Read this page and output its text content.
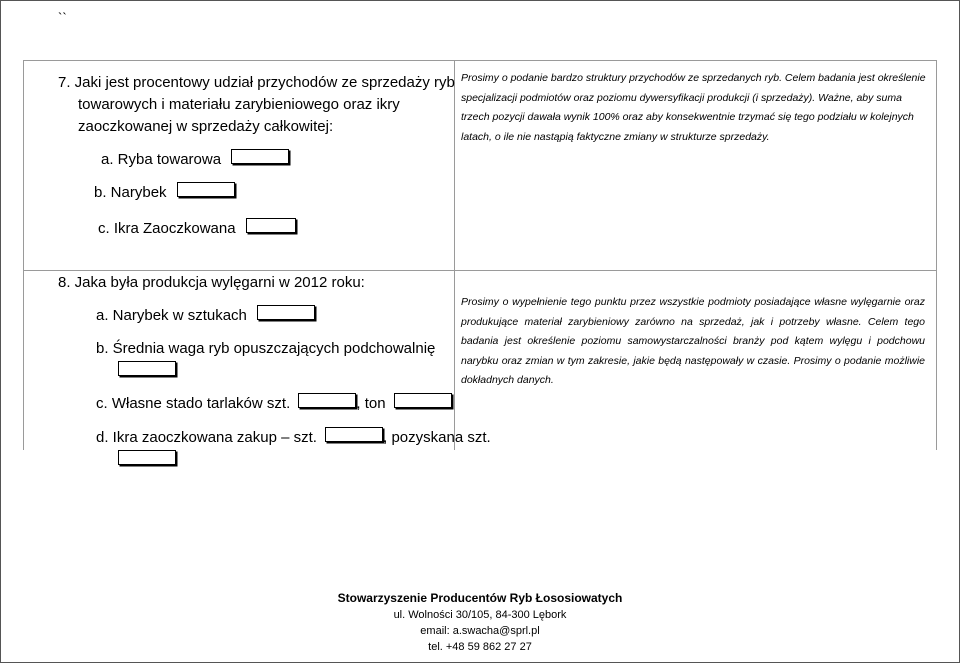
``
7. Jaki jest procentowy udział przychodów ze sprzedaży ryb
towarowych i materiału zarybieniowego oraz ikry
zaoczkowanej w sprzedaży całkowitej:
a. Ryba towarowa
b. Narybek
c. Ikra Zaoczkowana
Prosimy o podanie bardzo struktury przychodów ze sprzedanych ryb. Celem badania jest określenie specjalizacji podmiotów oraz poziomu dywersyfikacji produkcji (i sprzedaży). Ważne, aby suma trzech pozycji dawała wynik 100% oraz aby konsekwentnie trzymać się tego podziału w kolejnych latach, o ile nie nastąpią faktyczne zmiany w strukturze sprzedaży.
8. Jaka była produkcja wylęgarni w 2012 roku:
a. Narybek w sztukach
b. Średnia waga ryb opuszczających podchowalnię
c. Własne stado tarlaków szt.	, ton
d. Ikra zaoczkowana zakup – szt.	, pozyskana szt.
Prosimy o wypełnienie tego punktu przez wszystkie podmioty posiadające własne wylęgarnie oraz produkujące materiał zarybieniowy zarówno na sprzedaż, jak i potrzeby własne. Celem tego badania jest określenie poziomu samowystarczalności branży pod kątem wylęgu i podchowu narybku oraz zmian w tym zakresie, jakie będą następowały w czasie. Prosimy o podanie możliwie dokładnych danych.
Stowarzyszenie Producentów Ryb Łososiowatych
ul. Wolności 30/105, 84-300 Lębork
email: a.swacha@sprl.pl
tel. +48 59 862 27 27
